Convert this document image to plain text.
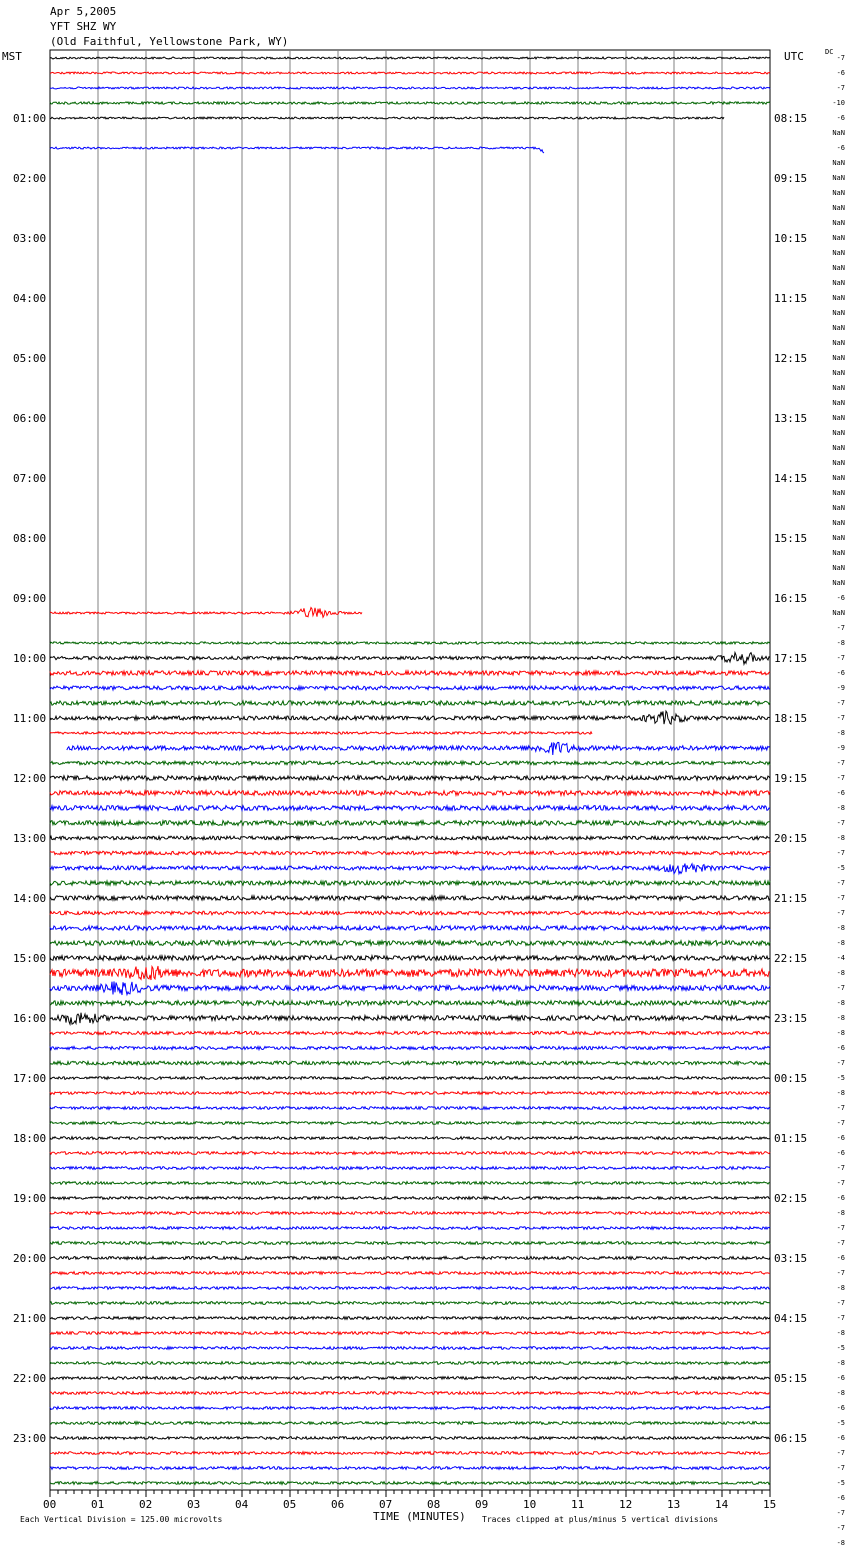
Apr 5,2005
YFT SHZ WY
(Old Faithful, Yellowstone Park, WY)
MST	UTC	DC
01:00
02:00
03:00
04:00
05:00
06:00
07:00
08:00
09:00
10:00
11:00
12:00
13:00
14:00
15:00
16:00
17:00
18:00
19:00
20:00
21:00
22:00
23:00
08:15
09:15
10:15
11:15
12:15
13:15
14:15
15:15
16:15
17:15
18:15
19:15
20:15
21:15
22:15
23:15
00:15
01:15
02:15
03:15
04:15
05:15
06:15
-7
-6
-7
-10
-6
NaN
-6
NaN
NaN
NaN
NaN
NaN
NaN
NaN
NaN
NaN
NaN
NaN
NaN
NaN
NaN
NaN
NaN
NaN
NaN
NaN
NaN
NaN
NaN
NaN
NaN
NaN
NaN
NaN
NaN
NaN
-6
NaN
-7
-8
-7
-6
-9
-7
-7
-8
-9
-7
-7
-6
-8
-7
-8
-7
-5
-7
-7
-7
-8
-8
-4
-8
-7
-8
-8
-8
-6
-7
-5
-8
-7
-7
-6
-6
-7
-7
-6
-8
-7
-7
-6
-7
-8
-7
-7
-8
-5
-8
-6
-8
-6
-5
-6
-7
-7
-5
-6
-7
-7
-8
00	01	02	03	04	05	06	07	08	09	10	11	12	13	14	15
Each Vertical Division = 125.00 microvolts	TIME (MINUTES) Traces clipped at plus/minus 5 vertical divisions
